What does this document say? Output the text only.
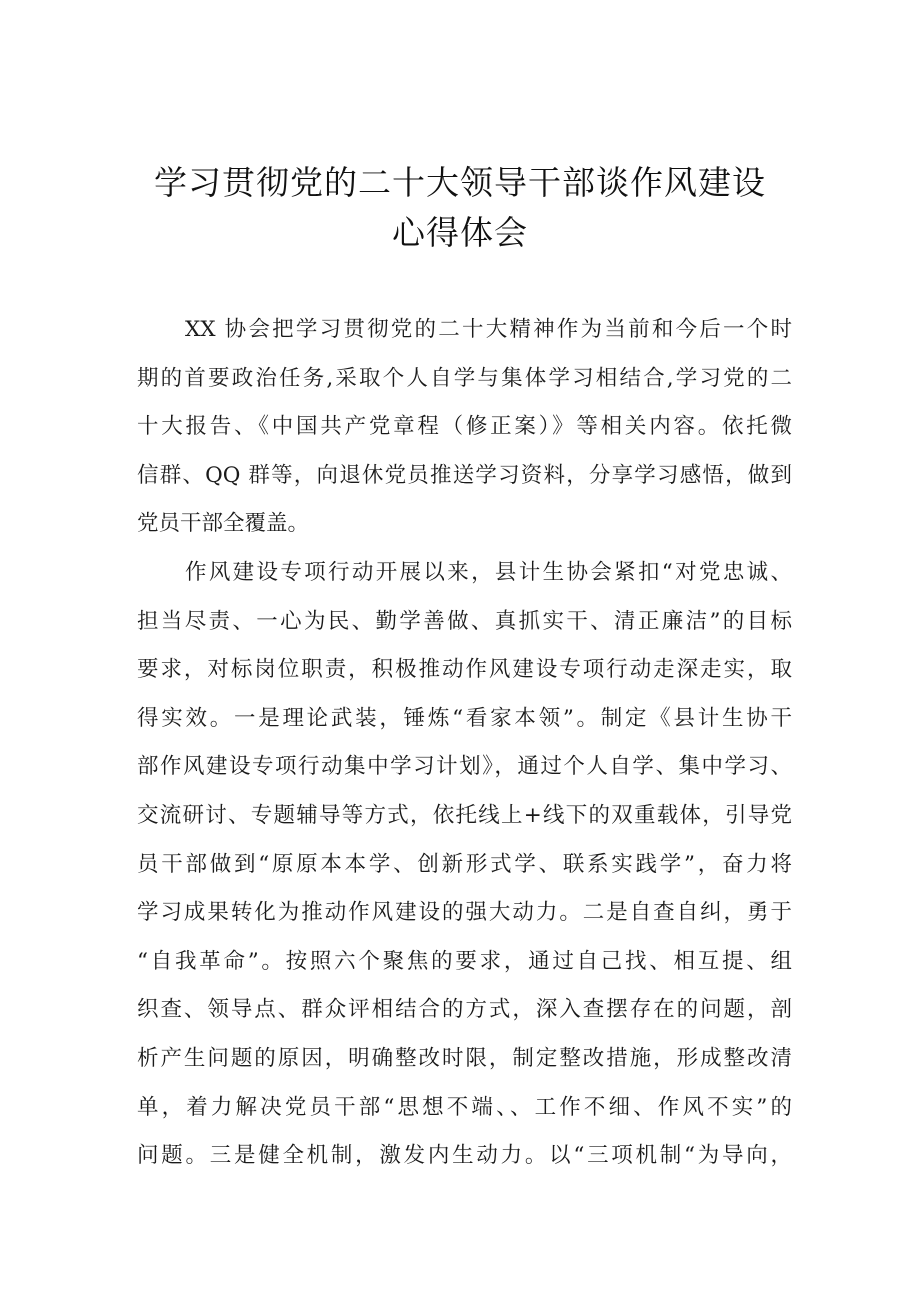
学习贯彻党的二十大领导干部谈作风建设
心得体会
XX 协会把学习贯彻党的二十大精神作为当前和今后一个时
期的首要政治任务,采取个人自学与集体学习相结合,学习党的二
十大报告、《中国共产党章程（修正案）》等相关内容。依托微
信群、QQ 群等，向退休党员推送学习资料，分享学习感悟，做到
党员干部全覆盖。
作风建设专项行动开展以来，县计生协会紧扣“对党忠诚、
担当尽责、一心为民、勤学善做、真抓实干、清正廉洁”的目标
要求，对标岗位职责，积极推动作风建设专项行动走深走实，取
得实效。一是理论武装，锤炼“看家本领”。制定《县计生协干
部作风建设专项行动集中学习计划》，通过个人自学、集中学习、
交流研讨、专题辅导等方式，依托线上+线下的双重载体，引导党
员干部做到“原原本本学、创新形式学、联系实践学”，奋力将
学习成果转化为推动作风建设的强大动力。二是自查自纠，勇于
“自我革命”。按照六个聚焦的要求，通过自己找、相互提、组
织查、领导点、群众评相结合的方式，深入查摆存在的问题，剖
析产生问题的原因，明确整改时限，制定整改措施，形成整改清
单，着力解决党员干部“思想不端、、工作不细、作风不实”的
问题。三是健全机制，激发内生动力。以“三项机制“为导向，
